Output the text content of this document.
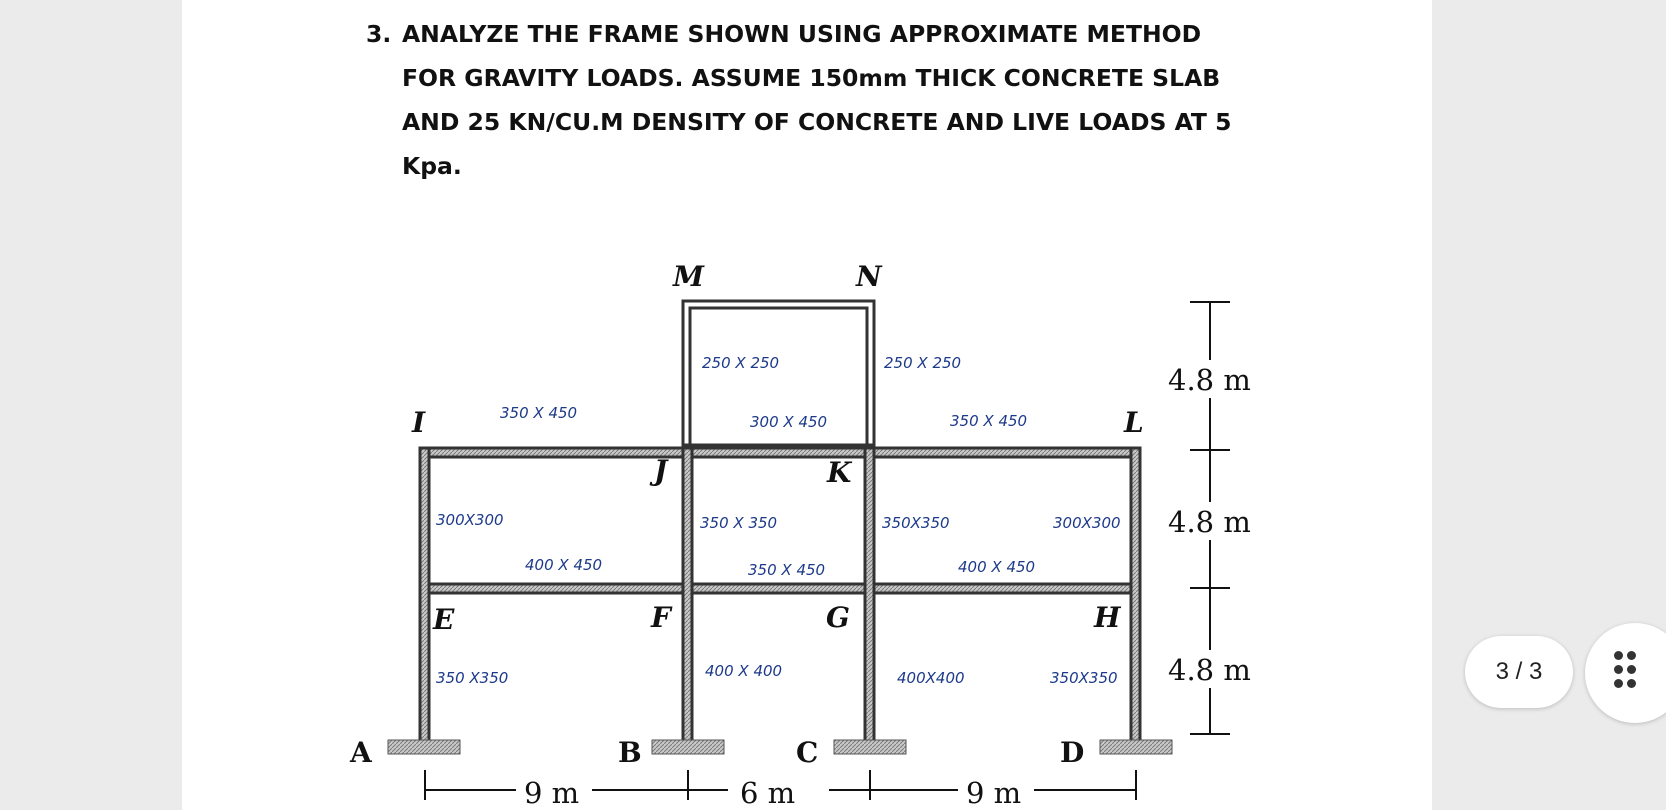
3. ANALYZE THE FRAME SHOWN USING APPROXIMATE METHOD
FOR GRAVITY LOADS. ASSUME 150mm THICK CONCRETE SLAB
AND 25 KN/CU.M DENSITY OF CONCRETE AND LIVE LOADS AT 5
Kpa.
M	N
I	L
J	K
E	F	G	H
A	B	C	D
250 X 250	250 X 250
350 X 450	300 X 450	350 X 450
300X300	350 X 350	350X350	300X300
400 X 450	350 X 450	400 X 450
350 X350	400 X 400	400X400	350X350
9 m	6 m	9 m
4.8 m
4.8 m
4.8 m	3 / 3
